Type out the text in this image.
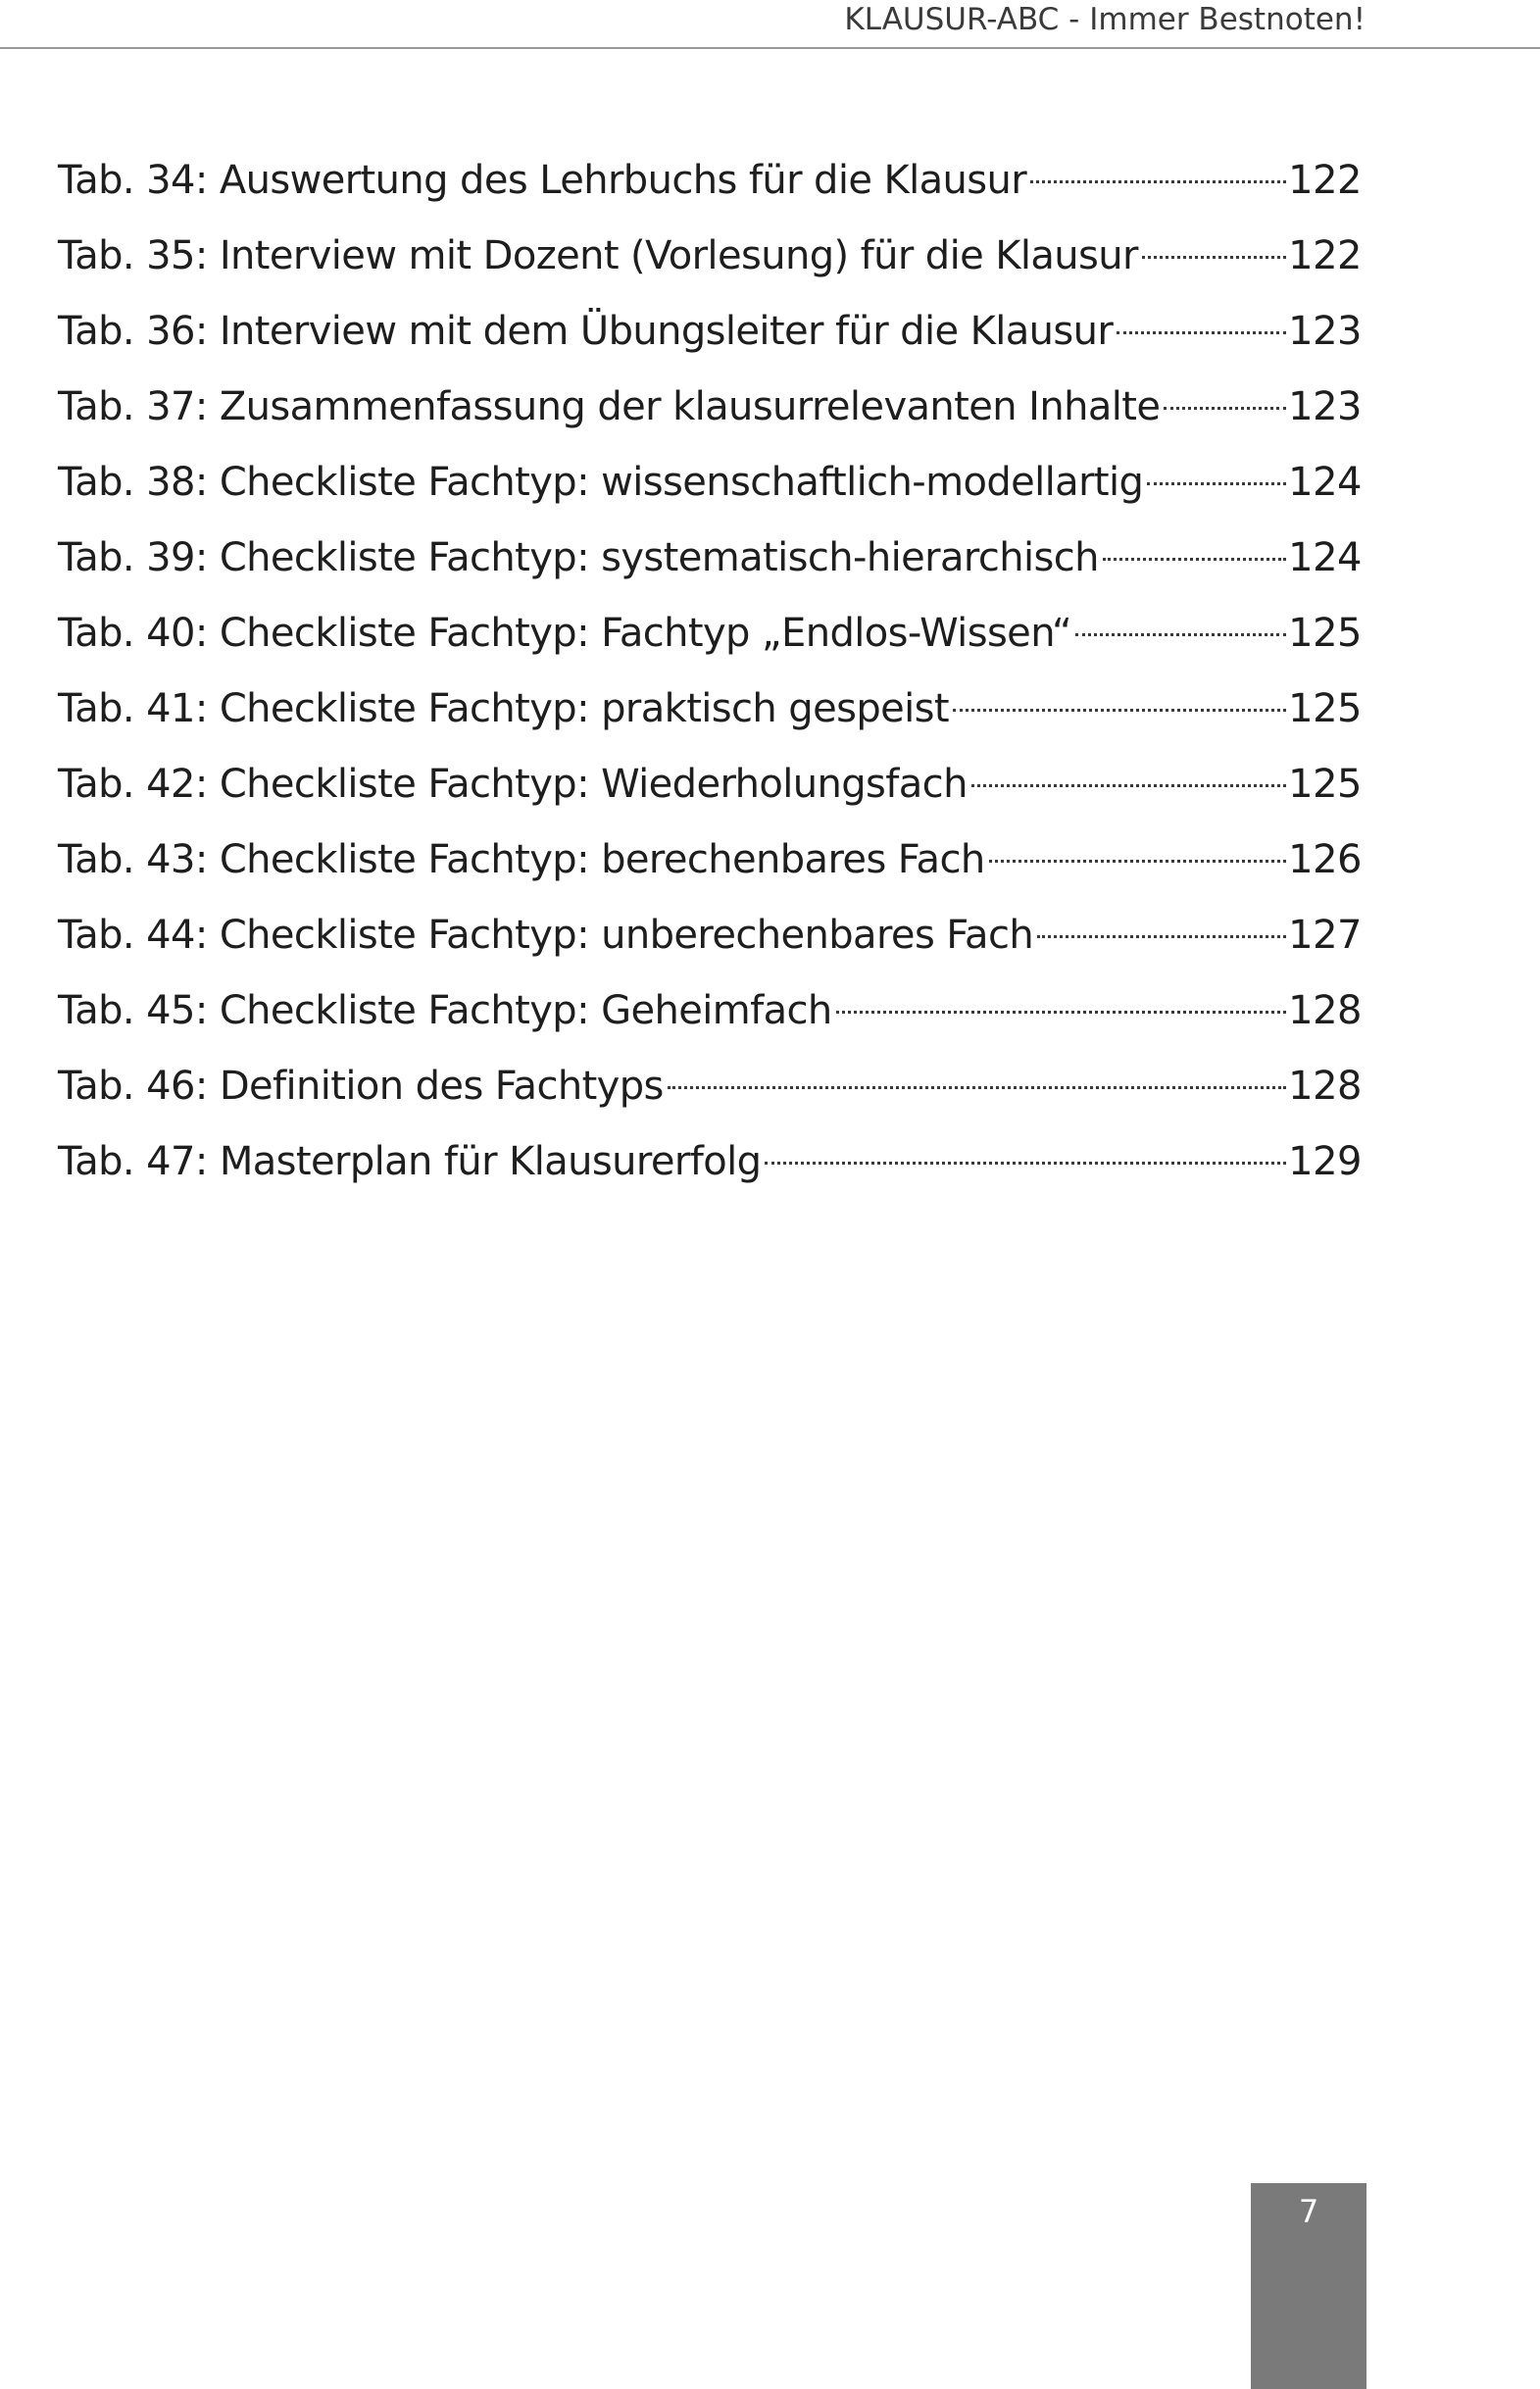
KLAUSUR-ABC - Immer Bestnoten!
Tab. 34: Auswertung des Lehrbuchs für die Klausur	122
Tab. 35: Interview mit Dozent (Vorlesung) für die Klausur	122
Tab. 36: Interview mit dem Übungsleiter für die Klausur	123
Tab. 37: Zusammenfassung der klausurrelevanten Inhalte	123
Tab. 38: Checkliste Fachtyp: wissenschaftlich-modellartig	124
Tab. 39: Checkliste Fachtyp: systematisch-hierarchisch	124
Tab. 40: Checkliste Fachtyp: Fachtyp „Endlos-Wissen“	125
Tab. 41: Checkliste Fachtyp: praktisch gespeist	125
Tab. 42: Checkliste Fachtyp: Wiederholungsfach	125
Tab. 43: Checkliste Fachtyp: berechenbares Fach	126
Tab. 44: Checkliste Fachtyp: unberechenbares Fach	127
Tab. 45: Checkliste Fachtyp: Geheimfach	128
Tab. 46: Definition des Fachtyps	128
Tab. 47: Masterplan für Klausurerfolg	129
7
